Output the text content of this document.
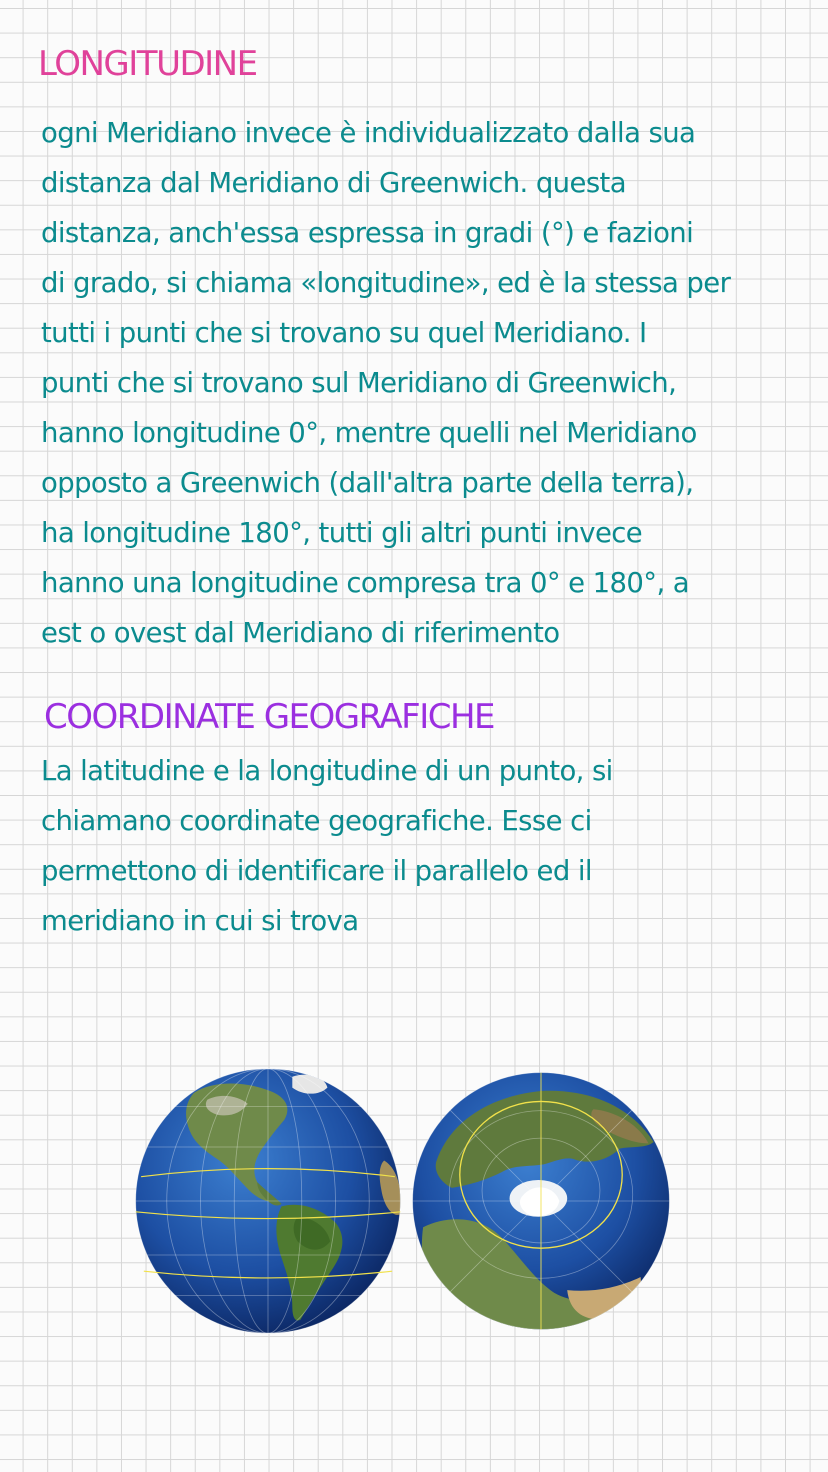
LONGITUDINE

ogni Meridiano invece è individualizzato dalla sua
distanza dal Meridiano di Greenwich. questa
distanza, anch'essa espressa in gradi (°) e fazioni
di grado, si chiama «longitudine», ed è la stessa per
tutti i punti che si trovano su quel Meridiano. I
punti che si trovano sul Meridiano di Greenwich,
hanno longitudine 0°, mentre quelli nel Meridiano
opposto a Greenwich (dall'altra parte della terra),
ha longitudine 180°, tutti gli altri punti invece
hanno una longitudine compresa tra 0° e 180°, a
est o ovest dal Meridiano di riferimento

COORDINATE GEOGRAFICHE

La latitudine e la longitudine di un punto, si
chiamano coordinate geografiche. Esse ci
permettono di identificare il parallelo ed il
meridiano in cui si trova
